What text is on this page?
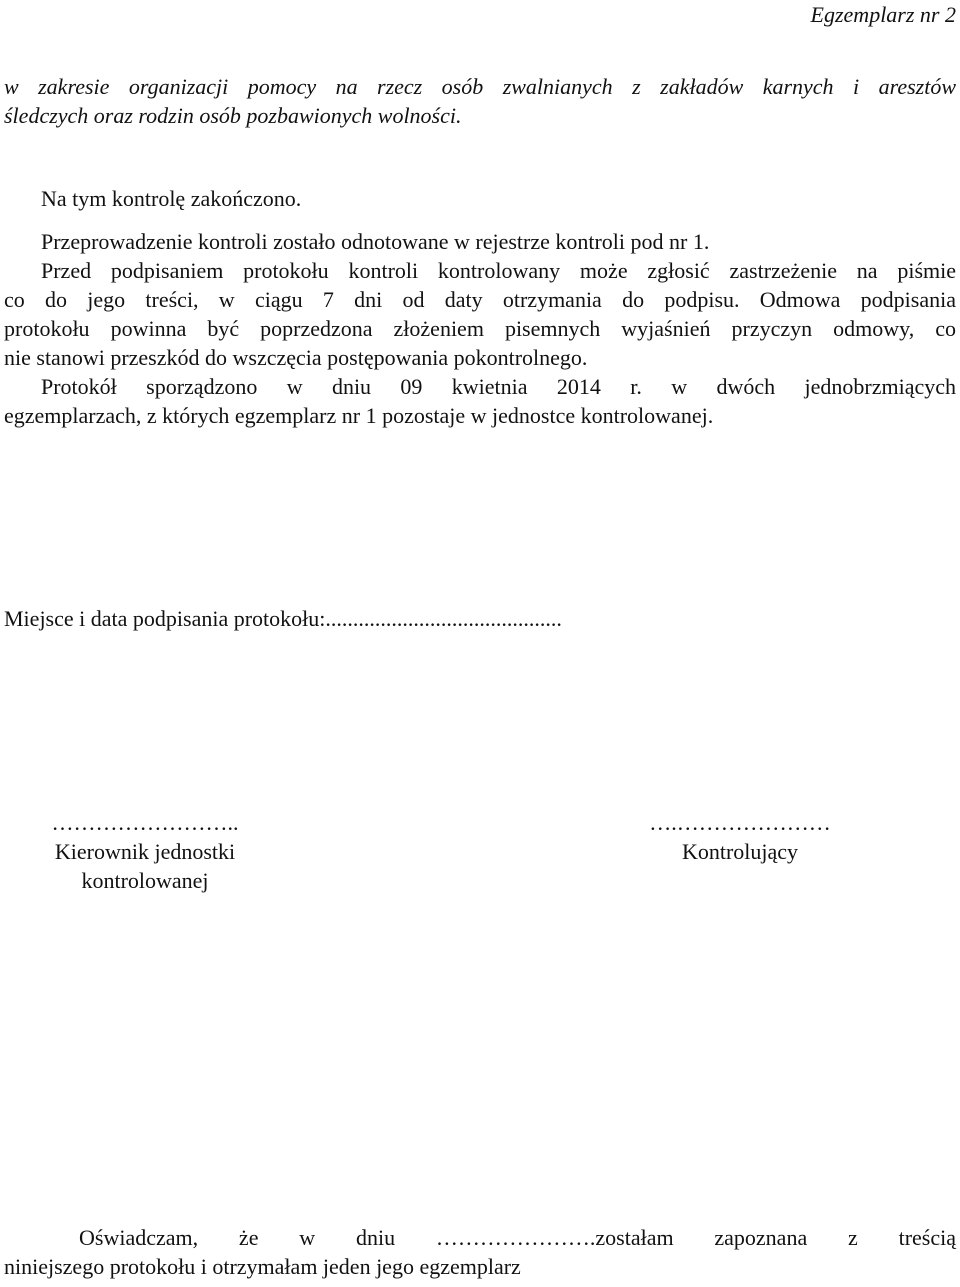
Egzemplarz nr 2
w zakresie organizacji pomocy na rzecz osób zwalnianych z zakładów karnych i aresztów
śledczych oraz rodzin osób pozbawionych wolności.
Na tym kontrolę zakończono.
Przeprowadzenie kontroli zostało odnotowane w rejestrze kontroli pod nr 1.
Przed podpisaniem protokołu kontroli kontrolowany może zgłosić zastrzeżenie na piśmie
co do jego treści, w ciągu 7 dni od daty otrzymania do podpisu. Odmowa podpisania
protokołu powinna być poprzedzona złożeniem pisemnych wyjaśnień przyczyn odmowy, co
nie stanowi przeszkód do wszczęcia postępowania pokontrolnego.
Protokół sporządzono w dniu 09 kwietnia 2014 r. w dwóch jednobrzmiących
egzemplarzach, z których egzemplarz nr 1 pozostaje w jednostce kontrolowanej.
Miejsce i data podpisania protokołu:...........................................
……………………..
Kierownik jednostki
kontrolowanej
….…………………
Kontrolujący
Oświadczam,  że  w  dniu  ………………….zostałam  zapoznana  z  treścią
niniejszego protokołu i otrzymałam jeden jego egzemplarz
